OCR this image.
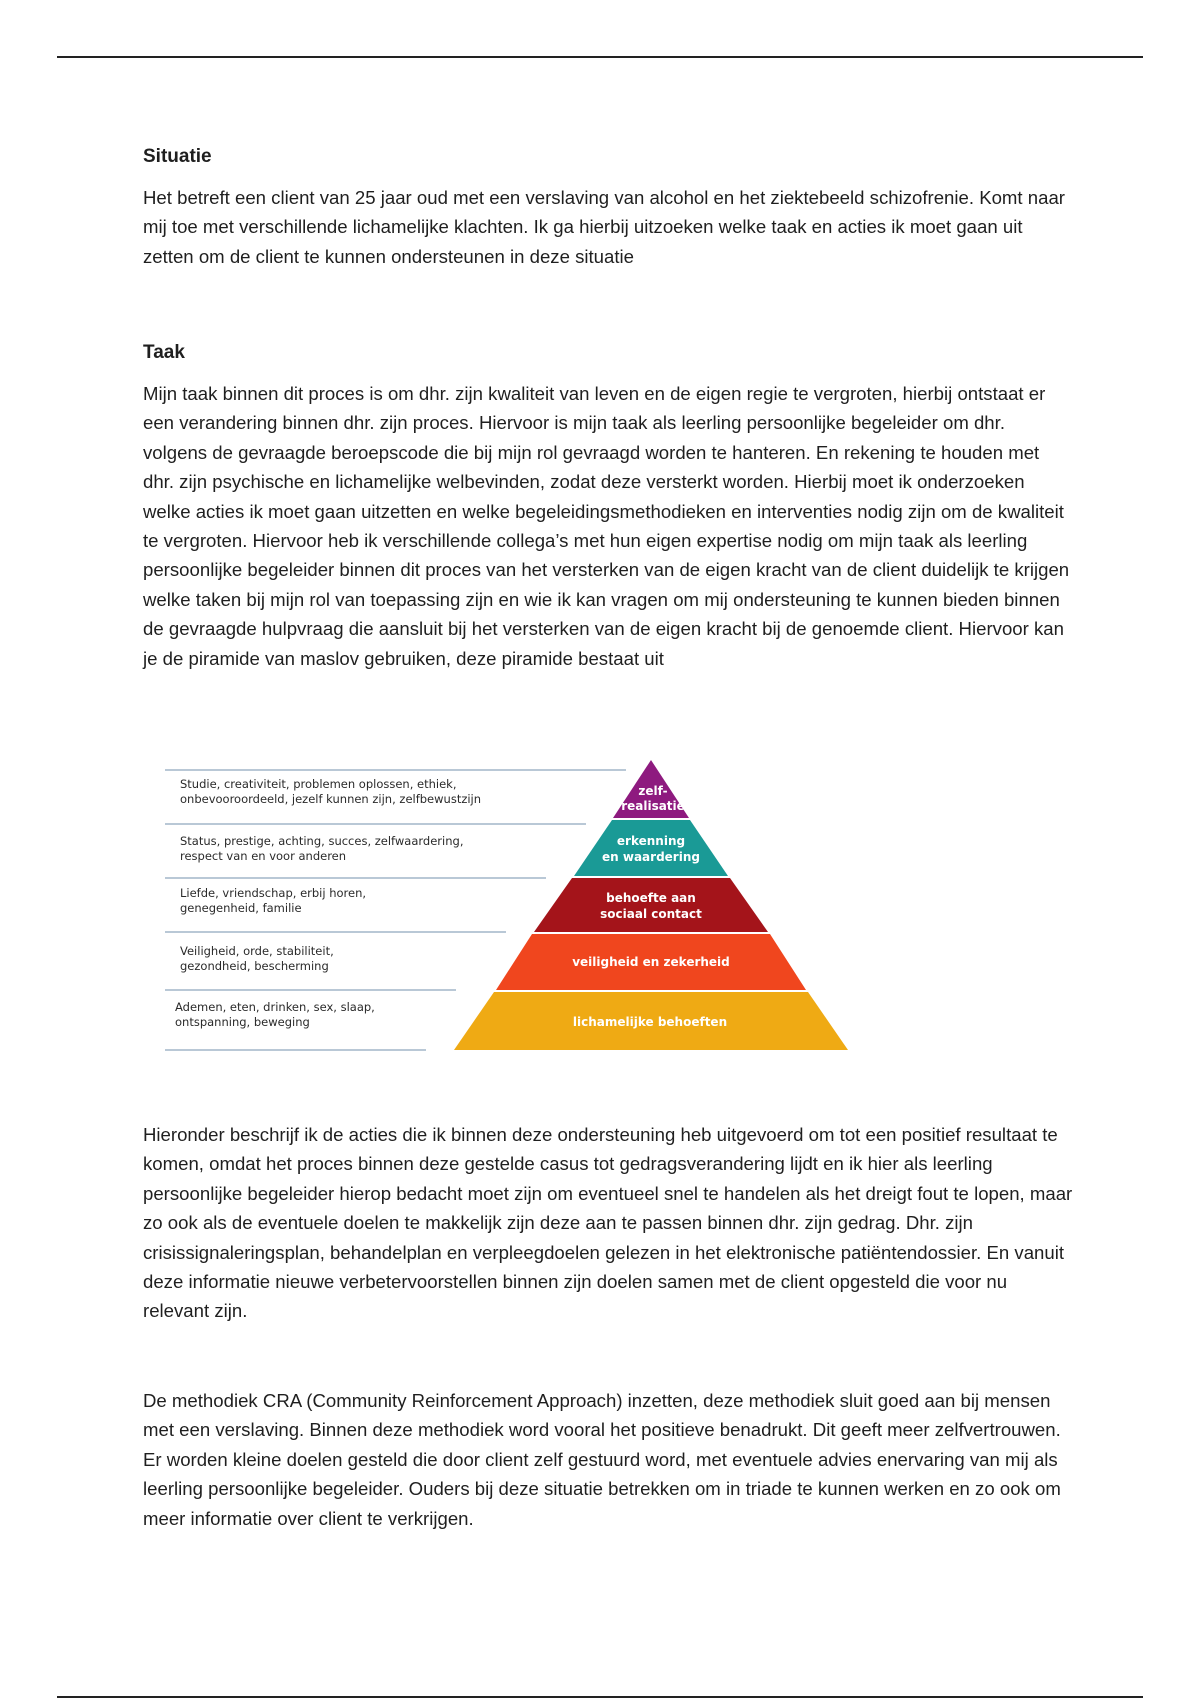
Situatie

Het betreft een client van 25 jaar oud met een verslaving van alcohol en het ziektebeeld schizofrenie. Komt naar mij toe met verschillende lichamelijke klachten. Ik ga hierbij uitzoeken welke taak en acties ik moet gaan uit zetten om de client te kunnen ondersteunen in deze situatie

Taak

Mijn taak binnen dit proces is om dhr. zijn kwaliteit van leven en de eigen regie te vergroten, hierbij ontstaat er een verandering binnen dhr. zijn proces. Hiervoor is mijn taak als leerling persoonlijke begeleider om dhr. volgens de gevraagde beroepscode die bij mijn rol gevraagd worden te hanteren. En rekening te houden met dhr. zijn psychische en lichamelijke welbevinden, zodat deze versterkt worden. Hierbij moet ik onderzoeken welke acties ik moet gaan uitzetten en welke begeleidingsmethodieken en interventies nodig zijn om de kwaliteit te vergroten. Hiervoor heb ik verschillende collega’s met hun eigen expertise nodig om mijn taak als leerling persoonlijke begeleider binnen dit proces van het versterken van de eigen kracht van de client duidelijk te krijgen welke taken bij mijn rol van toepassing zijn en wie ik kan vragen om mij ondersteuning te kunnen bieden binnen de gevraagde hulpvraag die aansluit bij het versterken van de eigen kracht bij de genoemde client. Hiervoor kan je de piramide van maslov gebruiken, deze piramide bestaat uit

zelf-
realisatie
erkenning
en waardering
behoefte aan
sociaal contact
veiligheid en zekerheid
lichamelijke behoeften
Studie, creativiteit, problemen oplossen, ethiek,
onbevooroordeeld, jezelf kunnen zijn, zelfbewustzijn
Status, prestige, achting, succes, zelfwaardering,
respect van en voor anderen
Liefde, vriendschap, erbij horen,
genegenheid, familie
Veiligheid, orde, stabiliteit,
gezondheid, bescherming
Ademen, eten, drinken, sex, slaap,
ontspanning, beweging

Hieronder beschrijf ik de acties die ik binnen deze ondersteuning heb uitgevoerd om tot een positief resultaat te komen, omdat het proces binnen deze gestelde casus tot gedragsverandering lijdt en ik hier als leerling persoonlijke begeleider hierop bedacht moet zijn om eventueel snel te handelen als het dreigt fout te lopen, maar zo ook als de eventuele doelen te makkelijk zijn deze aan te passen binnen dhr. zijn gedrag. Dhr. zijn crisissignaleringsplan, behandelplan en verpleegdoelen gelezen in het elektronische patiëntendossier. En vanuit deze informatie nieuwe verbetervoorstellen binnen zijn doelen samen met de client opgesteld die voor nu relevant zijn.

De methodiek CRA (Community Reinforcement Approach) inzetten, deze methodiek sluit goed aan bij mensen met een verslaving. Binnen deze methodiek word vooral het positieve benadrukt. Dit geeft meer zelfvertrouwen. Er worden kleine doelen gesteld die door client zelf gestuurd word, met eventuele advies enervaring van mij als leerling persoonlijke begeleider. Ouders bij deze situatie betrekken om in triade te kunnen werken en zo ook om meer informatie over client te verkrijgen.
